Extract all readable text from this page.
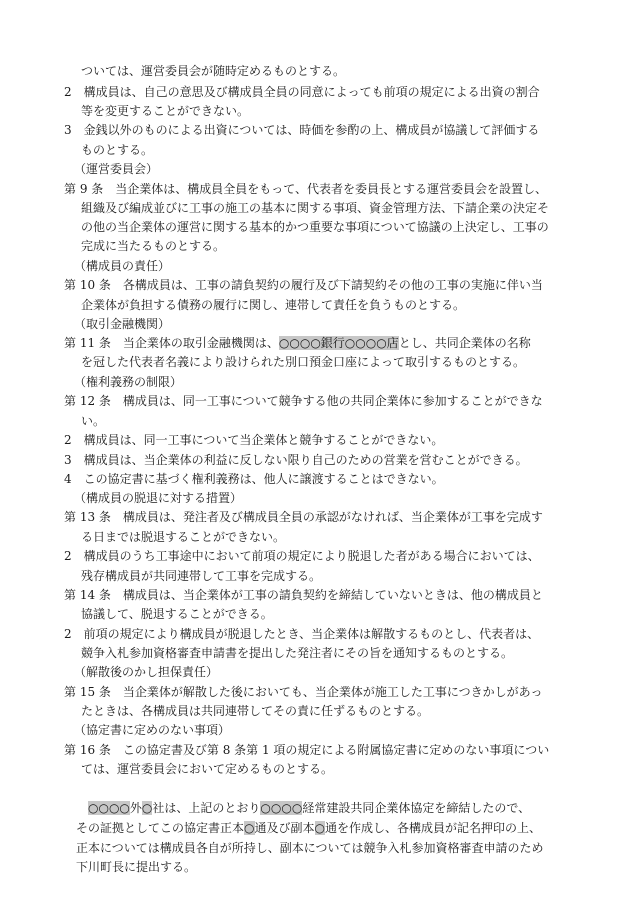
ついては、運営委員会が随時定めるものとする。
2　構成員は、自己の意思及び構成員全員の同意によっても前項の規定による出資の割合
等を変更することができない。
3　金銭以外のものによる出資については、時価を参酌の上、構成員が協議して評価する
ものとする。
（運営委員会）
第 9 条　当企業体は、構成員全員をもって、代表者を委員長とする運営委員会を設置し、
組織及び編成並びに工事の施工の基本に関する事項、資金管理方法、下請企業の決定そ
の他の当企業体の運営に関する基本的かつ重要な事項について協議の上決定し、工事の
完成に当たるものとする。
（構成員の責任）
第 10 条　各構成員は、工事の請負契約の履行及び下請契約その他の工事の実施に伴い当
企業体が負担する債務の履行に関し、連帯して責任を負うものとする。
（取引金融機関）
第 11 条　当企業体の取引金融機関は、○○○○銀行○○○○店とし、共同企業体の名称
を冠した代表者名義により設けられた別口預金口座によって取引するものとする。
（権利義務の制限）
第 12 条　構成員は、同一工事について競争する他の共同企業体に参加することができな
い。
2　構成員は、同一工事について当企業体と競争することができない。
3　構成員は、当企業体の利益に反しない限り自己のための営業を営むことができる。
4　この協定書に基づく権利義務は、他人に譲渡することはできない。
（構成員の脱退に対する措置）
第 13 条　構成員は、発注者及び構成員全員の承認がなければ、当企業体が工事を完成す
る日までは脱退することができない。
2　構成員のうち工事途中において前項の規定により脱退した者がある場合においては、
残存構成員が共同連帯して工事を完成する。
第 14 条　構成員は、当企業体が工事の請負契約を締結していないときは、他の構成員と
協議して、脱退することができる。
2　前項の規定により構成員が脱退したとき、当企業体は解散するものとし、代表者は、
競争入札参加資格審査申請書を提出した発注者にその旨を通知するものとする。
（解散後のかし担保責任）
第 15 条　当企業体が解散した後においても、当企業体が施工した工事につきかしがあっ
たときは、各構成員は共同連帯してその責に任ずるものとする。
（協定書に定めのない事項）
第 16 条　この協定書及び第 8 条第 1 項の規定による附属協定書に定めのない事項につい
ては、運営委員会において定めるものとする。
　○○○○外○社は、上記のとおり○○○○経常建設共同企業体協定を締結したので、
その証拠としてこの協定書正本○通及び副本○通を作成し、各構成員が記名押印の上、
正本については構成員各自が所持し、副本については競争入札参加資格審査申請のため
下川町長に提出する。
